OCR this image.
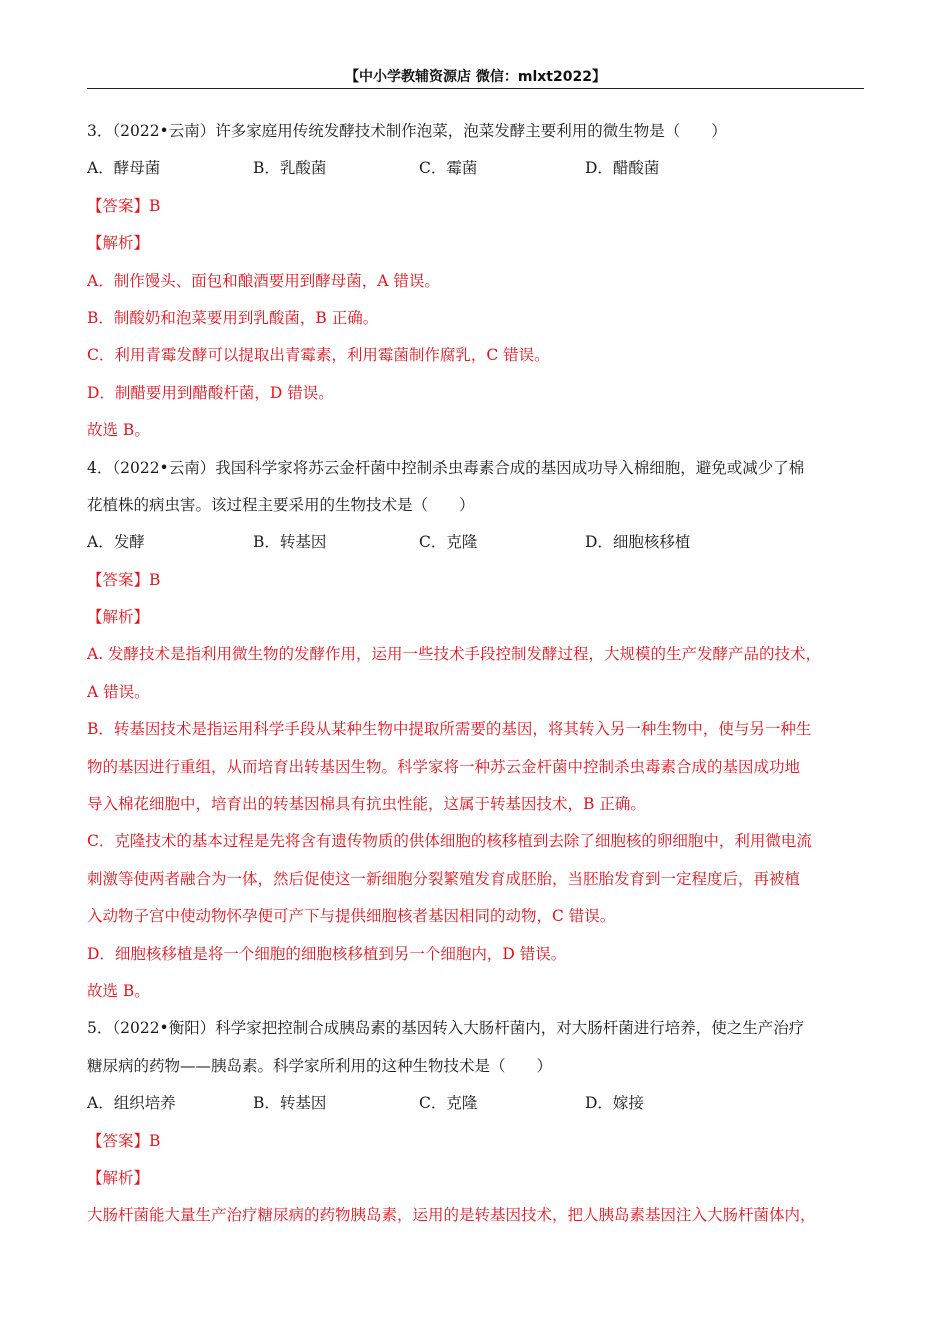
【中小学教辅资源店 微信：mlxt2022】
3．（2022•云南）许多家庭用传统发酵技术制作泡菜，泡菜发酵主要利用的微生物是（　　）
A．酵母菌	B．乳酸菌	C．霉菌	D．醋酸菌
【答案】B
【解析】
A．制作馒头、面包和酿酒要用到酵母菌，A 错误。
B．制酸奶和泡菜要用到乳酸菌，B 正确。
C．利用青霉发酵可以提取出青霉素，利用霉菌制作腐乳，C 错误。
D．制醋要用到醋酸杆菌，D 错误。
故选 B。
4．（2022•云南）我国科学家将苏云金杆菌中控制杀虫毒素合成的基因成功导入棉细胞，避免或减少了棉
花植株的病虫害。该过程主要采用的生物技术是（　　）
A．发酵	B．转基因	C．克隆	D．细胞核移植
【答案】B
【解析】
A. 发酵技术是指利用微生物的发酵作用，运用一些技术手段控制发酵过程，大规模的生产发酵产品的技术，
A 错误。
B．转基因技术是指运用科学手段从某种生物中提取所需要的基因，将其转入另一种生物中，使与另一种生
物的基因进行重组，从而培育出转基因生物。科学家将一种苏云金杆菌中控制杀虫毒素合成的基因成功地
导入棉花细胞中，培育出的转基因棉具有抗虫性能，这属于转基因技术，B 正确。
C．克隆技术的基本过程是先将含有遗传物质的供体细胞的核移植到去除了细胞核的卵细胞中，利用微电流
刺激等使两者融合为一体，然后促使这一新细胞分裂繁殖发育成胚胎，当胚胎发育到一定程度后，再被植
入动物子宫中使动物怀孕便可产下与提供细胞核者基因相同的动物，C 错误。
D．细胞核移植是将一个细胞的细胞核移植到另一个细胞内，D 错误。
故选 B。
5．（2022•衡阳）科学家把控制合成胰岛素的基因转入大肠杆菌内，对大肠杆菌进行培养，使之生产治疗
糖尿病的药物——胰岛素。科学家所利用的这种生物技术是（　　）
A．组织培养	B．转基因	C．克隆	D．嫁接
【答案】B
【解析】
大肠杆菌能大量生产治疗糖尿病的药物胰岛素，运用的是转基因技术，把人胰岛素基因注入大肠杆菌体内，
